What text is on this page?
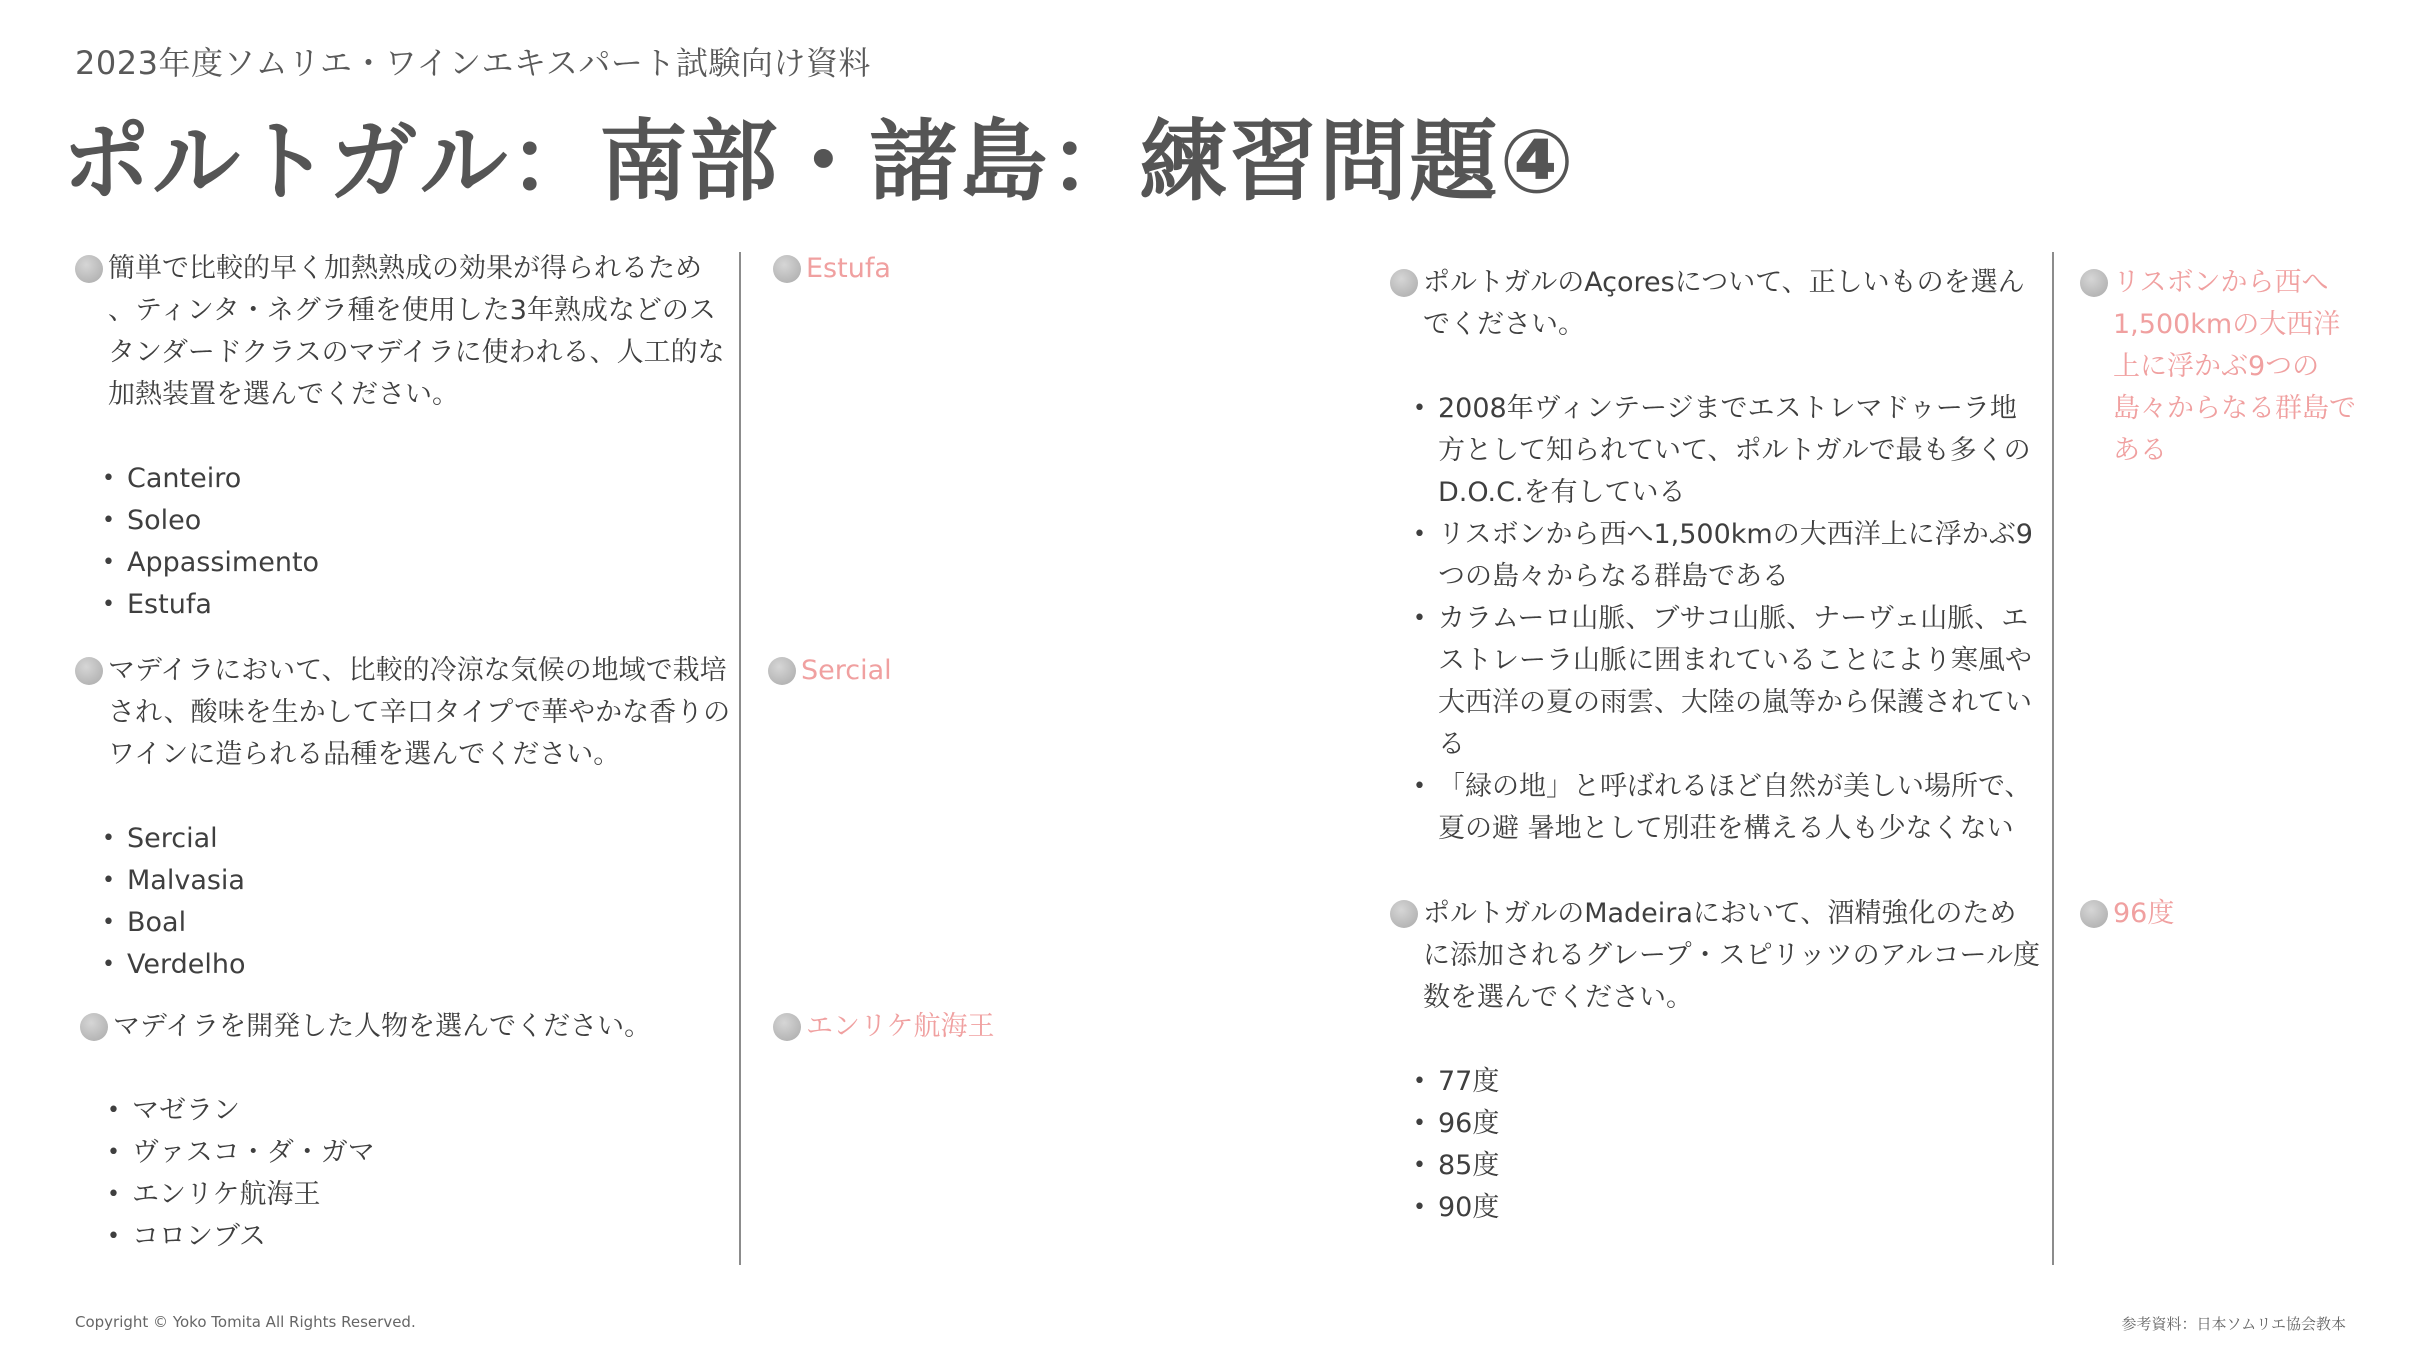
2023年度ソムリエ・ワインエキスパート試験向け資料
ポルトガル：南部・諸島：練習問題④
簡単で比較的早く加熱熟成の効果が得られるため 、ティンタ・ネグラ種を使用した3年熟成などのスタンダードクラスのマデイラに使われる、人工的な加熱装置を選んでください。
• Canteiro
• Soleo
• Appassimento
• Estufa
Estufa
マデイラにおいて、比較的冷涼な気候の地域で栽培され、酸味を生かして辛口タイプで華やかな香りのワインに造られる品種を選んでください。
• Sercial
• Malvasia
• Boal
• Verdelho
Sercial
マデイラを開発した人物を選んでください。
• マゼラン
• ヴァスコ・ダ・ガマ
• エンリケ航海王
• コロンブス
エンリケ航海王
ポルトガルのAçoresについて、正しいものを選んでください。
• 2008年ヴィンテージまでエストレマドゥーラ地方として知られていて、ポルトガルで最も多くのD.O.C.を有している
• リスボンから西へ1,500kmの大西洋上に浮かぶ9つの島々からなる群島である
• カラムーロ山脈、ブサコ山脈、ナーヴェ山脈、エストレーラ山脈に囲まれていることにより寒風や大西洋の夏の雨雲、大陸の嵐等から保護されている
• 「緑の地」と呼ばれるほど自然が美しい場所で、夏の避 暑地として別荘を構える人も少なくない
リスボンから西へ1,500kmの大西洋上に浮かぶ9つの島々からなる群島である
ポルトガルのMadeiraにおいて、酒精強化のために添加されるグレープ・スピリッツのアルコール度数を選んでください。
• 77度
• 96度
• 85度
• 90度
96度
Copyright © Yoko Tomita All Rights Reserved.	参考資料：日本ソムリエ協会教本
